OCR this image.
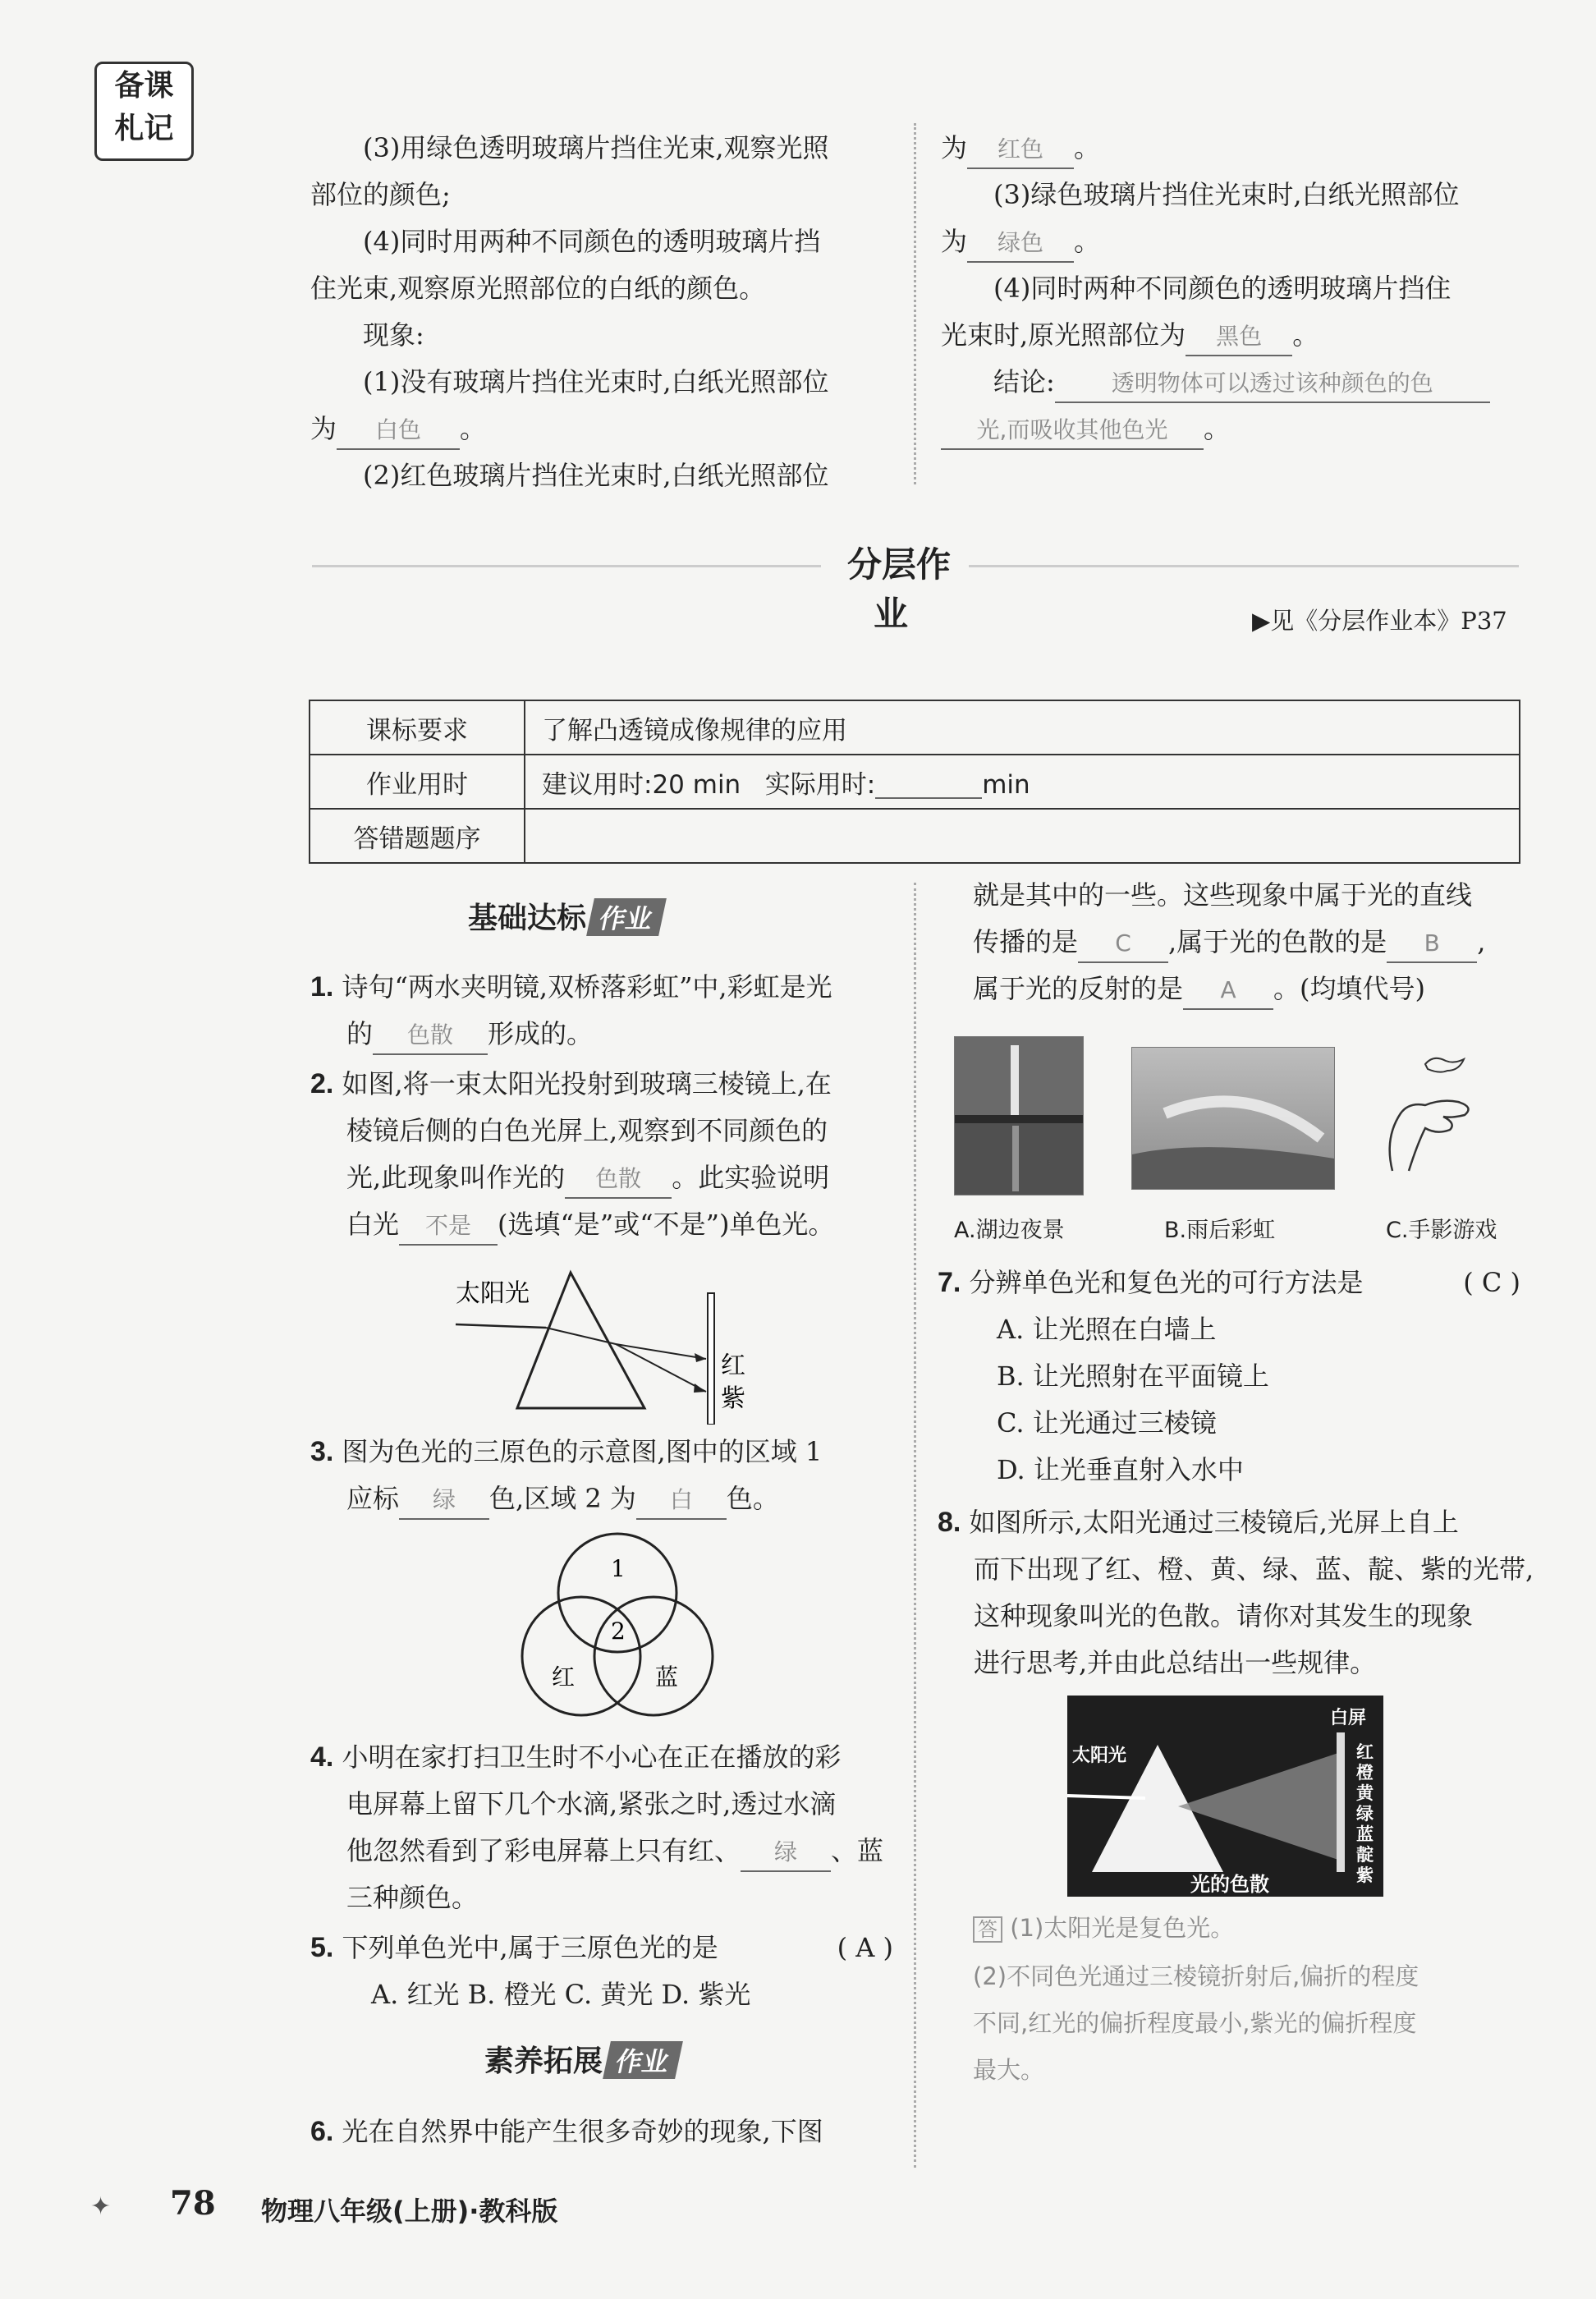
备课
札记
(3)用绿色透明玻璃片挡住光束,观察光照
部位的颜色;
(4)同时用两种不同颜色的透明玻璃片挡
住光束,观察原光照部位的白纸的颜色。
现象:
(1)没有玻璃片挡住光束时,白纸光照部位
为 白色 。
(2)红色玻璃片挡住光束时,白纸光照部位
为 红色 。
(3)绿色玻璃片挡住光束时,白纸光照部位
为 绿色 。
(4)同时两种不同颜色的透明玻璃片挡住
光束时,原光照部位为 黑色 。
结论: 透明物体可以透过该种颜色的色
光,而吸收其他色光 。
分层作业	▶见《分层作业本》P37
课标要求	了解凸透镜成像规律的应用
作业用时	建议用时:20 min 实际用时: min
答错题题序	
基础达标 作业
1. 诗句“两水夹明镜,双桥落彩虹”中,彩虹是光
的 色散 形成的。
2. 如图,将一束太阳光投射到玻璃三棱镜上,在
棱镜后侧的白色光屏上,观察到不同颜色的
光,此现象叫作光的 色散 。此实验说明
白光 不是 (选填“是”或“不是”)单色光。
太阳光
红
紫
3. 图为色光的三原色的示意图,图中的区域 1
应标 绿 色,区域 2 为 白 色。
1
2
红	蓝
4. 小明在家打扫卫生时不小心在正在播放的彩
电屏幕上留下几个水滴,紧张之时,透过水滴
他忽然看到了彩电屏幕上只有红、 绿 、蓝
三种颜色。
5. 下列单色光中,属于三原色光的是	( A )
A. 红光 B. 橙光 C. 黄光 D. 紫光
素养拓展 作业
6. 光在自然界中能产生很多奇妙的现象,下图
就是其中的一些。这些现象中属于光的直线
传播的是 C ,属于光的色散的是 B ,
属于光的反射的是 A 。(均填代号)
A.湖边夜景	B.雨后彩虹	C.手影游戏
7. 分辨单色光和复色光的可行方法是	( C )
A. 让光照在白墙上
B. 让光照射在平面镜上
C. 让光通过三棱镜
D. 让光垂直射入水中
8. 如图所示,太阳光通过三棱镜后,光屏上自上
而下出现了红、橙、黄、绿、蓝、靛、紫的光带,
这种现象叫光的色散。请你对其发生的现象
进行思考,并由此总结出一些规律。
白屏
太阳光
光的色散
红
橙
黄
绿
蓝
靛
紫
答 (1)太阳光是复色光。
(2)不同色光通过三棱镜折射后,偏折的程度
不同,红光的偏折程度最小,紫光的偏折程度
最大。
✦ 78 物理八年级(上册)·教科版
